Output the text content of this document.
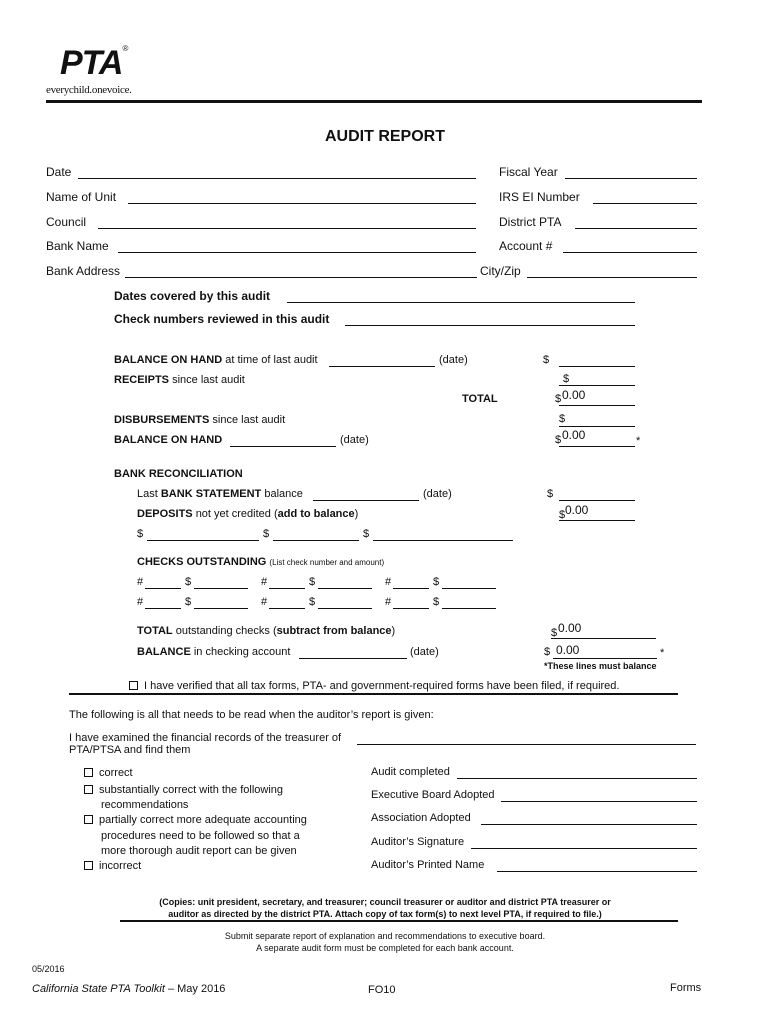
PTA®
everychild.onevoice.
AUDIT REPORT
Date	Fiscal Year
Name of Unit	IRS EI Number
Council	District PTA
Bank Name	Account #
Bank Address	City/Zip
Dates covered by this audit
Check numbers reviewed in this audit
BALANCE ON HAND at time of last audit	(date)	$
RECEIPTS since last audit	$
TOTAL	$ 0.00
DISBURSEMENTS since last audit	$
BALANCE ON HAND	(date)	$ 0.00	*
BANK RECONCILIATION
Last BANK STATEMENT balance	(date)	$
DEPOSITS not yet credited (add to balance)	$ 0.00
$	$	$
CHECKS OUTSTANDING (List check number and amount)
#	$	#	$	#	$
#	$	#	$	#	$
TOTAL outstanding checks (subtract from balance)	$ 0.00
BALANCE in checking account	(date)	$ 0.00	*
*These lines must balance
I have verified that all tax forms, PTA- and government-required forms have been filed, if required.
The following is all that needs to be read when the auditor’s report is given:
I have examined the financial records of the treasurer of
PTA/PTSA and find them
correct
substantially correct with the following
recommendations
partially correct more adequate accounting
procedures need to be followed so that a
more thorough audit report can be given
incorrect
Audit completed
Executive Board Adopted
Association Adopted
Auditor’s Signature
Auditor’s Printed Name
(Copies: unit president, secretary, and treasurer; council treasurer or auditor and district PTA treasurer or
auditor as directed by the district PTA. Attach copy of tax form(s) to next level PTA, if required to file.)
Submit separate report of explanation and recommendations to executive board.
A separate audit form must be completed for each bank account.
05/2016
California State PTA Toolkit – May 2016	FO10	Forms
